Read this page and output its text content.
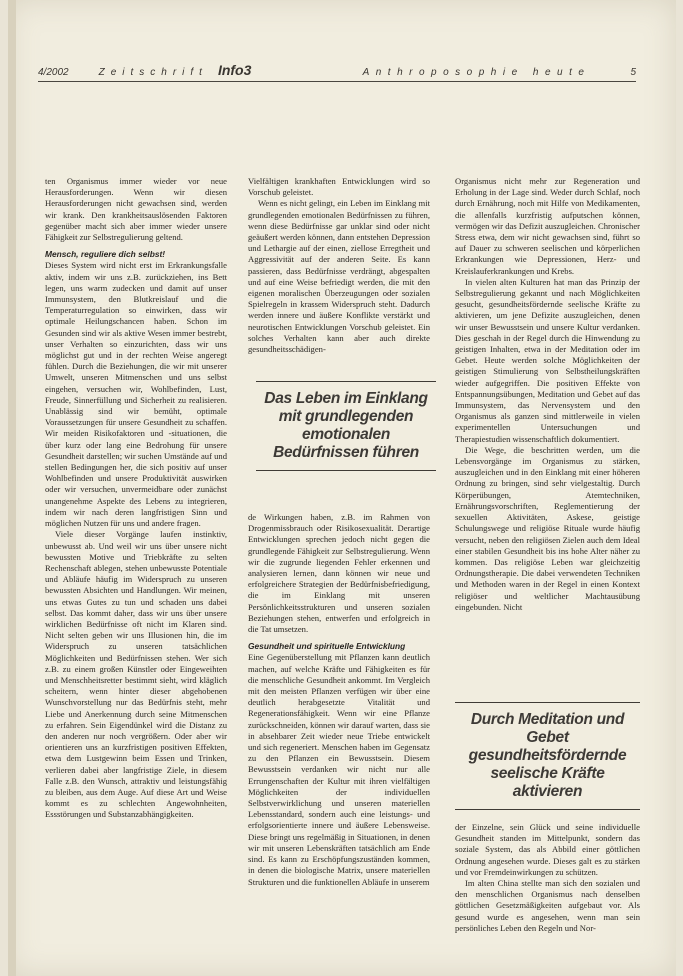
4/2002	Zeitschrift Info3	Anthroposophie heute	5

ten Organismus immer wieder vor neue Herausforderungen. Wenn wir diesen Herausforderungen nicht gewachsen sind, werden wir krank. Den krankheitsauslösenden Faktoren gegenüber macht sich aber immer wieder unsere Fähigkeit zur Selbstregulierung geltend.

Mensch, reguliere dich selbst!

Dieses System wird nicht erst im Erkrankungsfalle aktiv, indem wir uns z.B. zurückziehen, ins Bett legen, uns warm zudecken und damit auf unser Immunsystem, den Blutkreislauf und die Temperaturregulation so einwirken, dass wir optimale Heilungschancen haben. Schon im Gesunden sind wir als aktive Wesen immer bestrebt, unser Verhalten so einzurichten, dass wir uns möglichst gut und in der rechten Weise angeregt fühlen. Durch die Beziehungen, die wir mit unserer Umwelt, unseren Mitmenschen und uns selbst eingehen, versuchen wir, Wohlbefinden, Lust, Freude, Sinnerfüllung und Sicherheit zu realisieren. Unablässig sind wir bemüht, optimale Voraussetzungen für unsere Gesundheit zu schaffen. Wir meiden Risikofaktoren und -situationen, die über kurz oder lang eine Bedrohung für unsere Gesundheit darstellen; wir suchen Umstände auf und stellen Bedingungen her, die sich positiv auf unser Wohlbefinden und unsere Produktivität auswirken oder wir versuchen, unvermeidbare oder zunächst unangenehme Aspekte des Lebens zu integrieren, indem wir nach deren langfristigen Sinn und möglichen Nutzen für uns und andere fragen.

Viele dieser Vorgänge laufen instinktiv, unbewusst ab. Und weil wir uns über unsere nicht bewussten Motive und Triebkräfte zu selten Rechenschaft ablegen, stehen unbewusste Potentiale und Abläufe häufig im Widerspruch zu unseren bewussten Absichten und Handlungen. Wir meinen, uns etwas Gutes zu tun und schaden uns dabei selbst. Das kommt daher, dass wir uns über unsere wirklichen Bedürfnisse oft nicht im Klaren sind. Nicht selten geben wir uns Illusionen hin, die im Widerspruch zu unseren tatsächlichen Möglichkeiten und Bedürfnissen stehen. Wer sich z.B. zu einem großen Künstler oder Eingeweihten und Menschheitsretter bestimmt sieht, wird kläglich scheitern, wenn hinter dieser abgehobenen Wunschvorstellung nur das Bedürfnis steht, mehr Liebe und Anerkennung durch seine Mitmenschen zu erfahren. Sein Eigendünkel wird die Distanz zu den anderen nur noch vergrößern. Oder aber wir orientieren uns an kurzfristigen positiven Effekten, etwa dem Lustgewinn beim Essen und Trinken, verlieren dabei aber langfristige Ziele, in diesem Falle z.B. den Wunsch, attraktiv und leistungsfähig zu bleiben, aus dem Auge. Auf diese Art und Weise kommt es zu schlechten Angewohnheiten, Essstörungen und Substanzabhängigkeiten.

Vielfältigen krankhaften Entwicklungen wird so Vorschub geleistet.

Wenn es nicht gelingt, ein Leben im Einklang mit grundlegenden emotionalen Bedürfnissen zu führen, wenn diese Bedürfnisse gar unklar sind oder nicht geäußert werden können, dann entstehen Depression und Lethargie auf der einen, ziellose Erregtheit und Aggressivität auf der anderen Seite. Es kann passieren, dass Bedürfnisse verdrängt, abgespalten und auf eine Weise befriedigt werden, die mit den eigenen moralischen Überzeugungen oder sozialen Spielregeln in krassem Widerspruch steht. Dadurch werden innere und äußere Konflikte verstärkt und neurotischen Entwicklungen Vorschub geleistet. Ein solches Verhalten kann aber auch direkte gesundheitsschädigen-

Das Leben im Einklang mit grundlegenden emotionalen Bedürfnissen führen

de Wirkungen haben, z.B. im Rahmen von Drogenmissbrauch oder Risikosexualität. Derartige Entwicklungen sprechen jedoch nicht gegen die grundlegende Fähigkeit zur Selbstregulierung. Wenn wir die zugrunde liegenden Fehler erkennen und analysieren lernen, dann können wir neue und erfolgreichere Strategien der Bedürfnisbefriedigung, die im Einklang mit unseren Persönlichkeitsstrukturen und unseren sozialen Beziehungen stehen, entwerfen und erfolgreich in die Tat umsetzen.

Gesundheit und spirituelle Entwicklung

Eine Gegenüberstellung mit Pflanzen kann deutlich machen, auf welche Kräfte und Fähigkeiten es für die menschliche Gesundheit ankommt. Im Vergleich mit den meisten Pflanzen verfügen wir über eine deutlich herabgesetzte Vitalität und Regenerationsfähigkeit. Wenn wir eine Pflanze zurückschneiden, können wir darauf warten, dass sie in absehbarer Zeit wieder neue Triebe entwickelt und sich regeneriert. Menschen haben im Gegensatz zu den Pflanzen ein Bewusstsein. Diesem Bewusstsein verdanken wir nicht nur alle Errungenschaften der Kultur mit ihren vielfältigen Möglichkeiten der individuellen Selbstverwirklichung und unseren materiellen Lebensstandard, sondern auch eine leistungs- und erfolgsorientierte innere und äußere Lebensweise. Diese bringt uns regelmäßig in Situationen, in denen wir mit unseren Lebenskräften tatsächlich am Ende sind. Es kann zu Erschöpfungszuständen kommen, in denen die biologische Matrix, unsere materiellen Strukturen und die funktionellen Abläufe in unserem

Organismus nicht mehr zur Regeneration und Erholung in der Lage sind. Weder durch Schlaf, noch durch Ernährung, noch mit Hilfe von Medikamenten, die allenfalls kurzfristig aufputschen können, vermögen wir das Defizit auszugleichen. Chronischer Stress etwa, dem wir nicht gewachsen sind, führt so auf Dauer zu schweren seelischen und körperlichen Erkrankungen wie Depressionen, Herz- und Kreislauferkrankungen und Krebs.

In vielen alten Kulturen hat man das Prinzip der Selbstregulierung gekannt und nach Möglichkeiten gesucht, gesundheitsfördernde seelische Kräfte zu aktivieren, um jene Defizite auszugleichen, denen wir unser Bewusstsein und unsere Kultur verdanken. Dies geschah in der Regel durch die Hinwendung zu geistigen Inhalten, etwa in der Meditation oder im Gebet. Heute werden solche Möglichkeiten der geistigen Stimulierung von Selbstheilungskräften wieder aufgegriffen. Die positiven Effekte von Entspannungsübungen, Meditation und Gebet auf das Immunsystem, das Nervensystem und den Organismus als ganzen sind mittlerweile in vielen experimentellen Untersuchungen und Therapiestudien wissenschaftlich dokumentiert.

Die Wege, die beschritten werden, um die Lebensvorgänge im Organismus zu stärken, auszugleichen und in den Einklang mit einer höheren Ordnung zu bringen, sind sehr vielgestaltig. Durch Körperübungen, Atemtechniken, Ernährungsvorschriften, Reglementierung der sexuellen Aktivitäten, Askese, geistige Schulungswege und religiöse Rituale wurde häufig versucht, neben den religiösen Zielen auch dem Ideal einer stabilen Gesundheit bis ins hohe Alter näher zu kommen. Das religiöse Leben war gleichzeitig Ordnungstherapie. Die dabei verwendeten Techniken und Methoden waren in der Regel in einen Kontext religiöser und weltlicher Machtausübung eingebunden. Nicht

Durch Meditation und Gebet gesundheitsfördernde seelische Kräfte aktivieren

der Einzelne, sein Glück und seine individuelle Gesundheit standen im Mittelpunkt, sondern das soziale System, das als Abbild einer göttlichen Ordnung angesehen wurde. Dieses galt es zu stärken und vor Fremdeinwirkungen zu schützen.

Im alten China stellte man sich den sozialen und den menschlichen Organismus nach denselben göttlichen Gesetzmäßigkeiten aufgebaut vor. Als gesund wurde es angesehen, wenn man sein persönliches Leben den Regeln und Nor-
